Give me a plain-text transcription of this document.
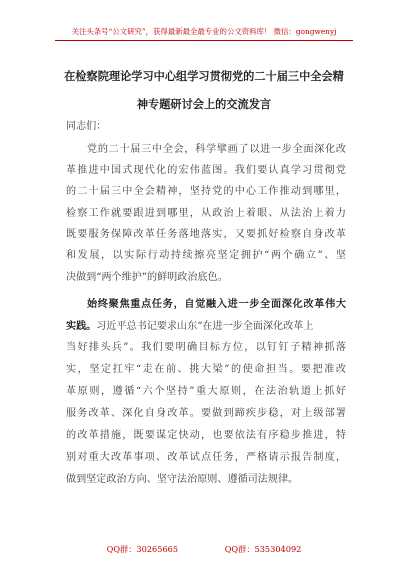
关注头条号“公文研究”，获得最新最全最专业的公文资料库！ 微信：gongwenyj
在检察院理论学习中心组学习贯彻党的二十届三中全会精
神专题研讨会上的交流发言
同志们：
党的二十届三中全会，科学擘画了以进一步全面深化改
革推进中国式现代化的宏伟蓝图。我们要认真学习贯彻党
的二十届三中全会精神，坚持党的中心工作推动到哪里，
检察工作就要跟进到哪里，从政治上着眼、从法治上着力
既要服务保障改革任务落地落实，又要抓好检察自身改革
和发展，以实际行动持续擦亮坚定拥护“两个确立”、坚
决做到“两个维护”的鲜明政治底色。
始终聚焦重点任务，自觉融入进一步全面深化改革伟大
实践。习近平总书记要求山东“在进一步全面深化改革上
当好排头兵”。我们要明确目标方位，以钉钉子精神抓落
实，坚定扛牢“走在前、挑大梁”的使命担当。要把准改
革原则，遵循“六个坚持”重大原则，在法治轨道上抓好
服务改革、深化自身改革。要做到蹄疾步稳，对上级部署
的改革措施，既要谋定快动，也要依法有序稳步推进，特
别对重大改革事项、改革试点任务，严格请示报告制度，
做到坚定政治方向、坚守法治原则、遵循司法规律。
QQ群：30265665	QQ群：535304092
